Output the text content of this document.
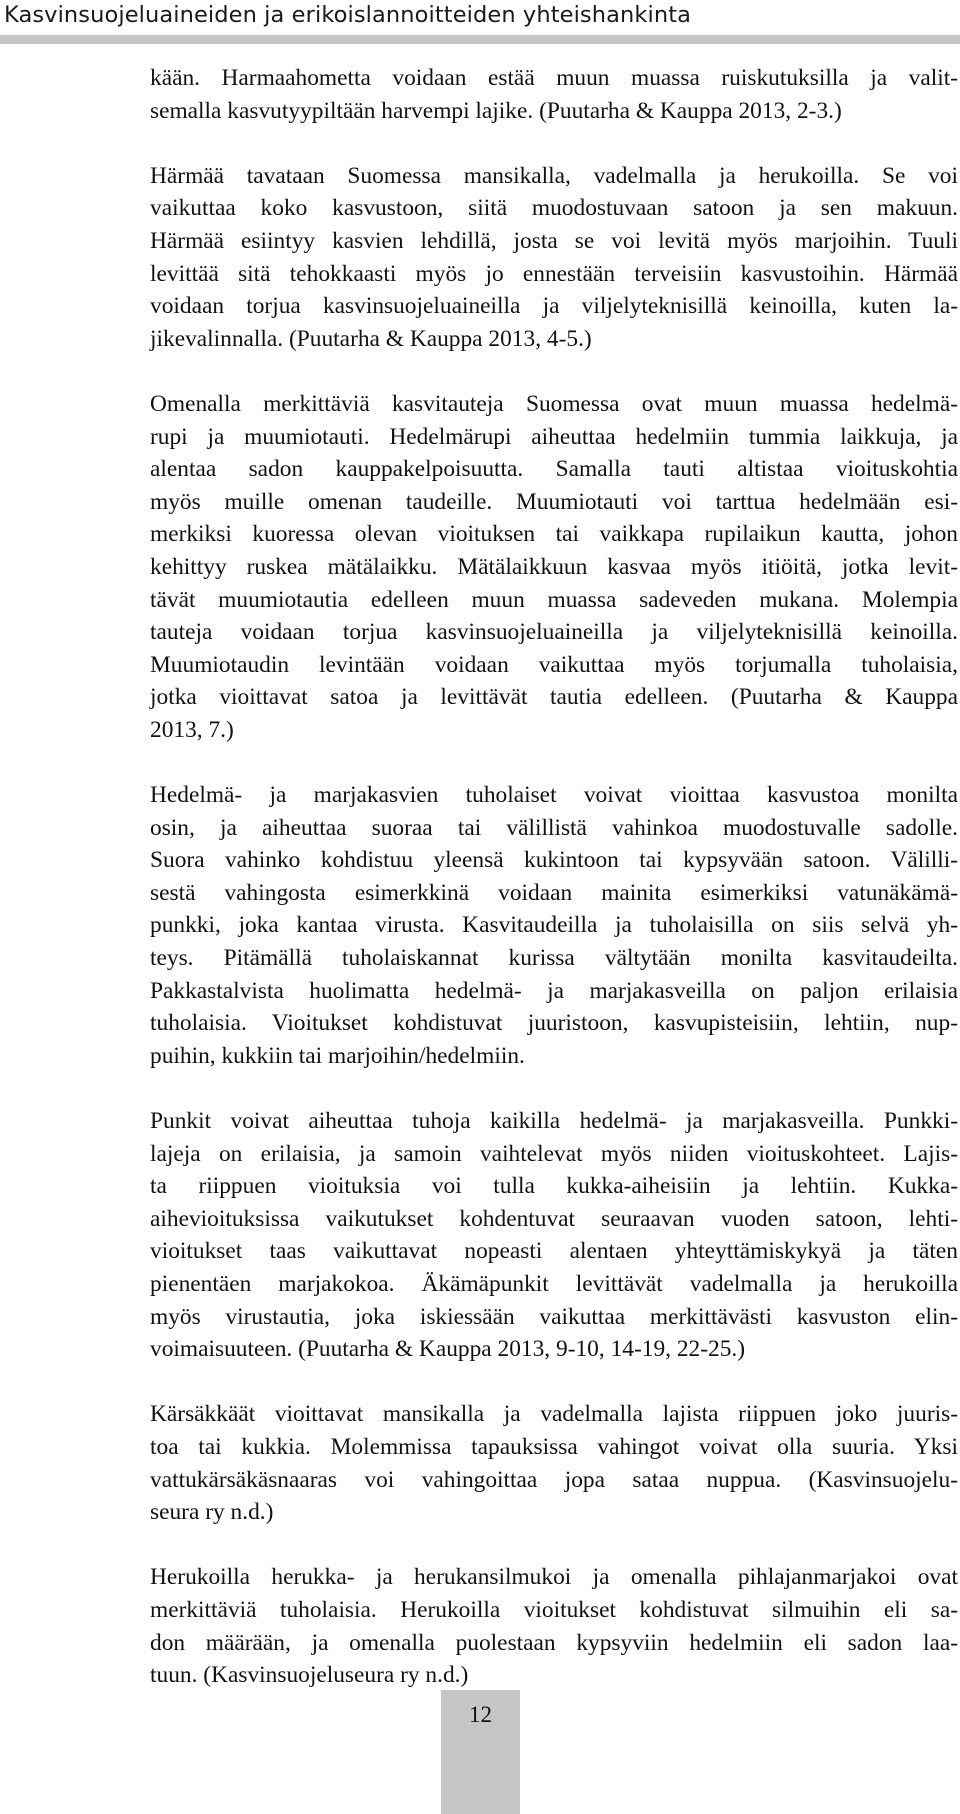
Kasvinsuojeluaineiden ja erikoislannoitteiden yhteishankinta
kään. Harmaahometta voidaan estää muun muassa ruiskutuksilla ja valit-
semalla kasvutyypiltään harvempi lajike. (Puutarha & Kauppa 2013, 2-3.)
Härmää tavataan Suomessa mansikalla, vadelmalla ja herukoilla. Se voi
vaikuttaa koko kasvustoon, siitä muodostuvaan satoon ja sen makuun.
Härmää esiintyy kasvien lehdillä, josta se voi levitä myös marjoihin. Tuuli
levittää sitä tehokkaasti myös jo ennestään terveisiin kasvustoihin. Härmää
voidaan torjua kasvinsuojeluaineilla ja viljelyteknisillä keinoilla, kuten la-
jikevalinnalla. (Puutarha & Kauppa 2013, 4-5.)
Omenalla merkittäviä kasvitauteja Suomessa ovat muun muassa hedelmä-
rupi ja muumiotauti. Hedelmärupi aiheuttaa hedelmiin tummia laikkuja, ja
alentaa sadon kauppakelpoisuutta. Samalla tauti altistaa vioituskohtia
myös muille omenan taudeille. Muumiotauti voi tarttua hedelmään esi-
merkiksi kuoressa olevan vioituksen tai vaikkapa rupilaikun kautta, johon
kehittyy ruskea mätälaikku. Mätälaikkuun kasvaa myös itiöitä, jotka levit-
tävät muumiotautia edelleen muun muassa sadeveden mukana. Molempia
tauteja voidaan torjua kasvinsuojeluaineilla ja viljelyteknisillä keinoilla.
Muumiotaudin levintään voidaan vaikuttaa myös torjumalla tuholaisia,
jotka vioittavat satoa ja levittävät tautia edelleen. (Puutarha & Kauppa
2013, 7.)
Hedelmä- ja marjakasvien tuholaiset voivat vioittaa kasvustoa monilta
osin, ja aiheuttaa suoraa tai välillistä vahinkoa muodostuvalle sadolle.
Suora vahinko kohdistuu yleensä kukintoon tai kypsyvään satoon. Välilli-
sestä vahingosta esimerkkinä voidaan mainita esimerkiksi vatunäkämä-
punkki, joka kantaa virusta. Kasvitaudeilla ja tuholaisilla on siis selvä yh-
teys. Pitämällä tuholaiskannat kurissa vältytään monilta kasvitaudeilta.
Pakkastalvista huolimatta hedelmä- ja marjakasveilla on paljon erilaisia
tuholaisia. Vioitukset kohdistuvat juuristoon, kasvupisteisiin, lehtiin, nup-
puihin, kukkiin tai marjoihin/hedelmiin.
Punkit voivat aiheuttaa tuhoja kaikilla hedelmä- ja marjakasveilla. Punkki-
lajeja on erilaisia, ja samoin vaihtelevat myös niiden vioituskohteet. Lajis-
ta riippuen vioituksia voi tulla kukka-aiheisiin ja lehtiin. Kukka-
aihevioituksissa vaikutukset kohdentuvat seuraavan vuoden satoon, lehti-
vioitukset taas vaikuttavat nopeasti alentaen yhteyttämiskykyä ja täten
pienentäen marjakokoa. Äkämäpunkit levittävät vadelmalla ja herukoilla
myös virustautia, joka iskiessään vaikuttaa merkittävästi kasvuston elin-
voimaisuuteen. (Puutarha & Kauppa 2013, 9-10, 14-19, 22-25.)
Kärsäkkäät vioittavat mansikalla ja vadelmalla lajista riippuen joko juuris-
toa tai kukkia. Molemmissa tapauksissa vahingot voivat olla suuria. Yksi
vattukärsäkäsnaaras voi vahingoittaa jopa sataa nuppua. (Kasvinsuojelu-
seura ry n.d.)
Herukoilla herukka- ja herukansilmukoi ja omenalla pihlajanmarjakoi ovat
merkittäviä tuholaisia. Herukoilla vioitukset kohdistuvat silmuihin eli sa-
don määrään, ja omenalla puolestaan kypsyviin hedelmiin eli sadon laa-
tuun. (Kasvinsuojeluseura ry n.d.)
12
